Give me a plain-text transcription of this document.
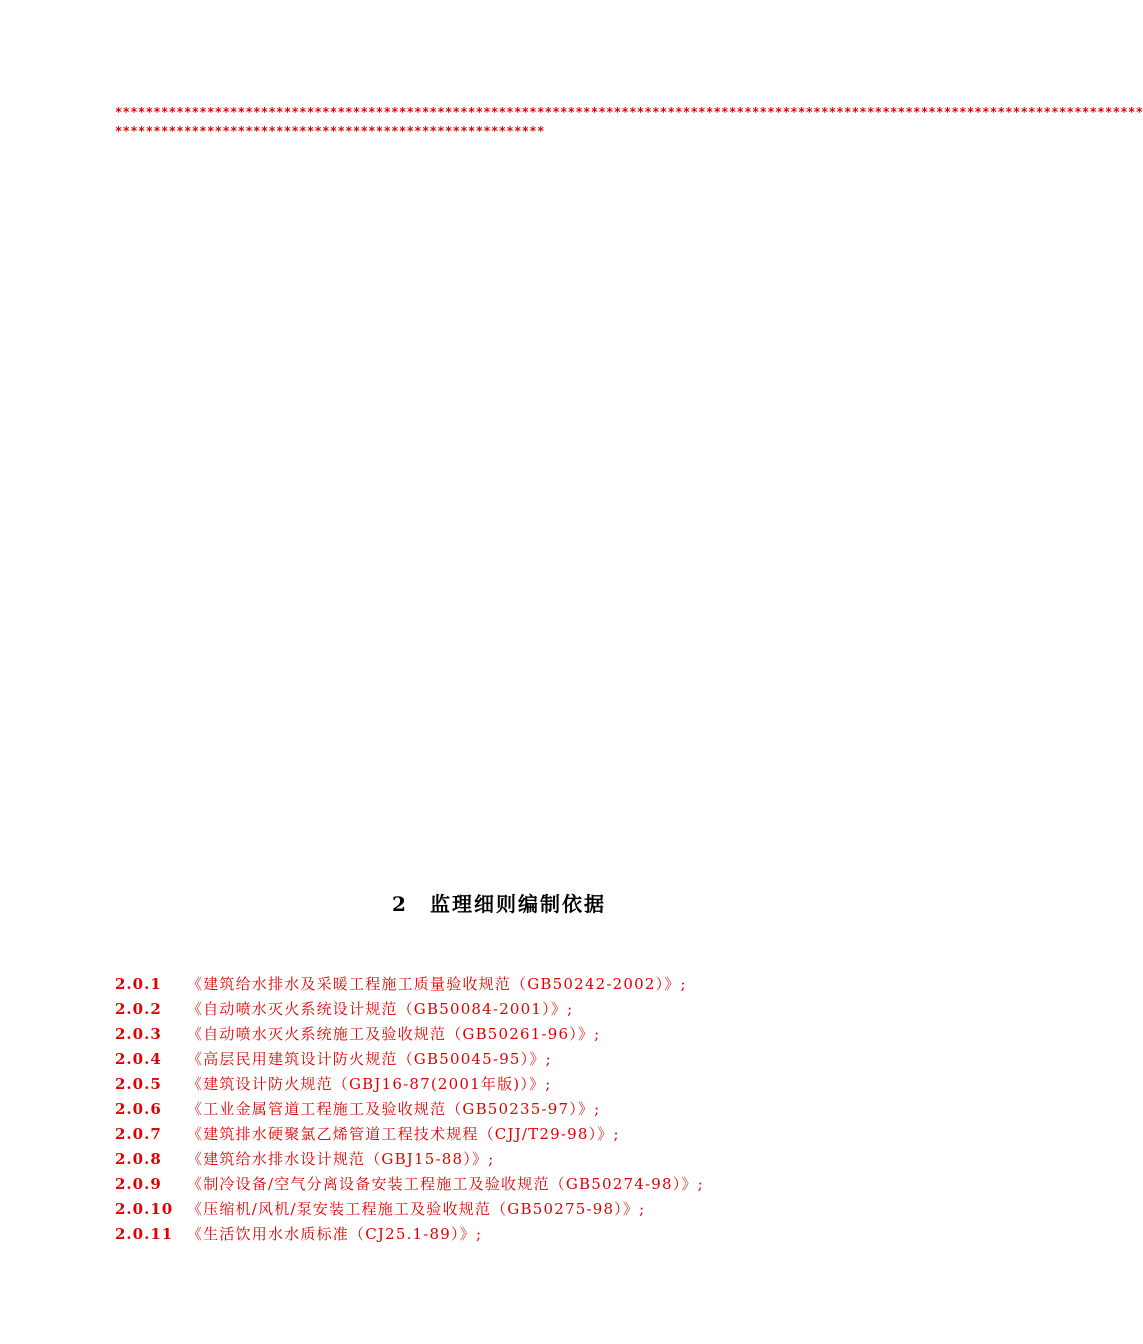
**************************************************************************************************************************************
********************************************************
2 监理细则编制依据
2.0.1	《建筑给水排水及采暖工程施工质量验收规范（GB50242-2002）》;
2.0.2	《自动喷水灭火系统设计规范（GB50084-2001）》;
2.0.3	《自动喷水灭火系统施工及验收规范（GB50261-96）》;
2.0.4	《高层民用建筑设计防火规范（GB50045-95）》;
2.0.5	《建筑设计防火规范（GBJ16-87(2001年版)）》;
2.0.6	《工业金属管道工程施工及验收规范（GB50235-97）》;
2.0.7	《建筑排水硬聚氯乙烯管道工程技术规程（CJJ/T29-98）》;
2.0.8	《建筑给水排水设计规范（GBJ15-88）》;
2.0.9	《制冷设备/空气分离设备安装工程施工及验收规范（GB50274-98）》;
2.0.10 《压缩机/风机/泵安装工程施工及验收规范（GB50275-98）》;
2.0.11 《生活饮用水水质标准（CJ25.1-89）》;
